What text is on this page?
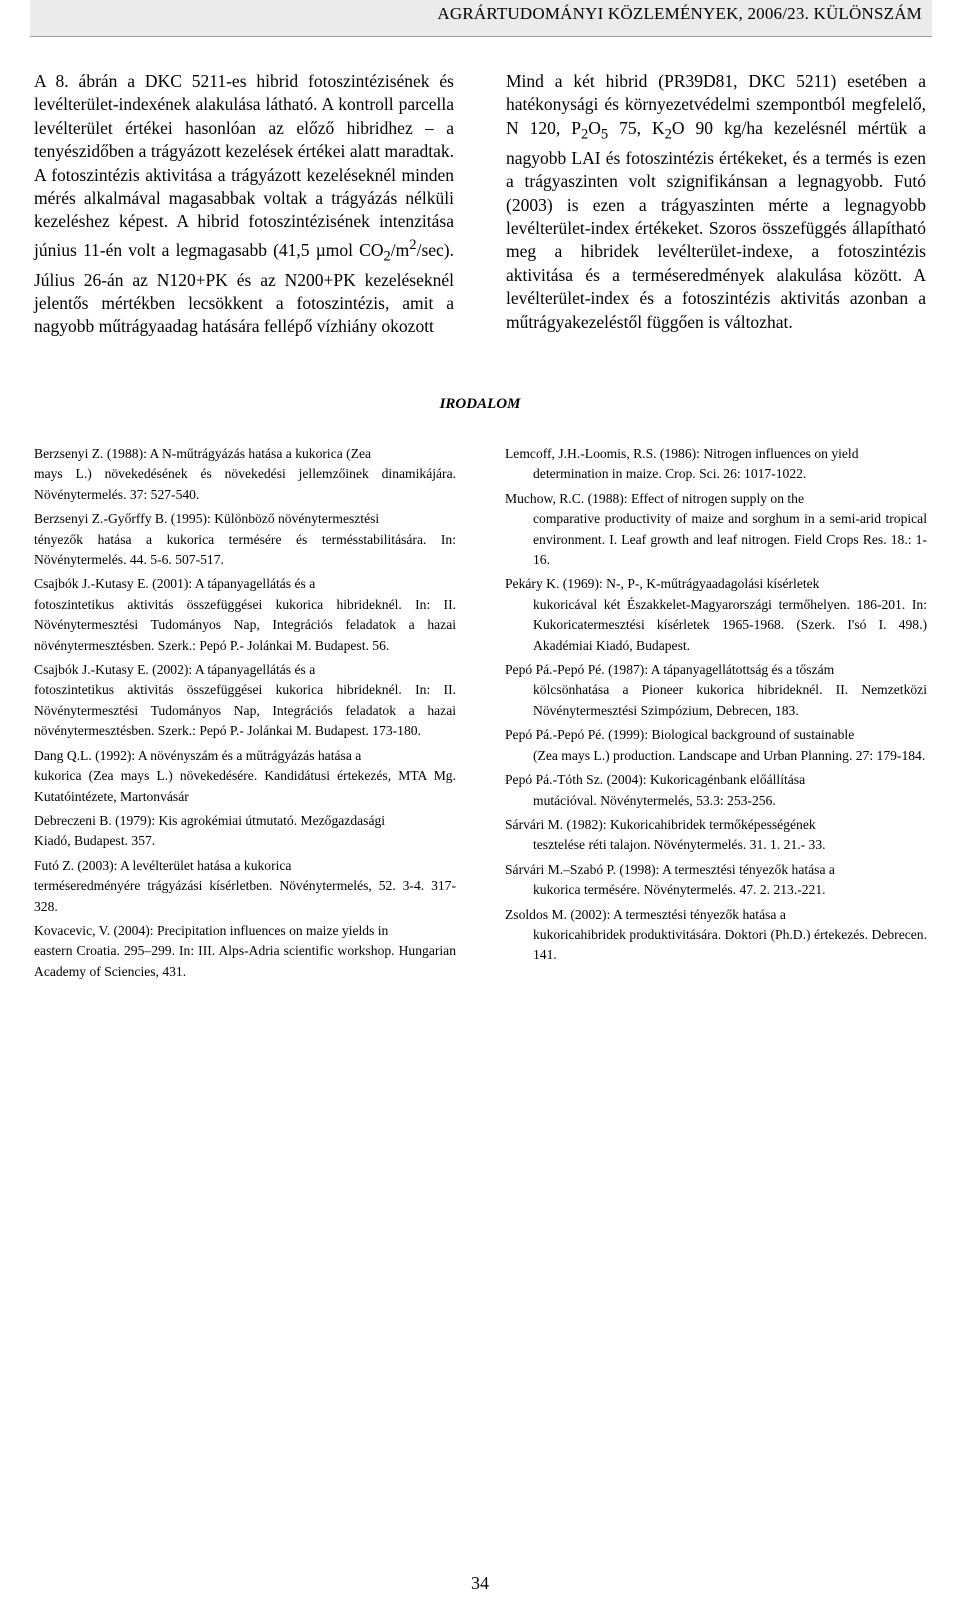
AGRÁRTUDOMÁNYI KÖZLEMÉNYEK, 2006/23. KÜLÖNSZÁM

A 8. ábrán a DKC 5211-es hibrid fotoszintézisének és levélterület-indexének alakulása látható. A kontroll parcella levélterület értékei hasonlóan az előző hibridhez – a tenyészidőben a trágyázott kezelések értékei alatt maradtak. A fotoszintézis aktivitása a trágyázott kezeléseknél minden mérés alkalmával magasabbak voltak a trágyázás nélküli kezeléshez képest. A hibrid fotoszintézisének intenzitása június 11-én volt a legmagasabb (41,5 µmol $CO_2/m^2/\sec$). Július 26-án az N120+PK és az N200+PK kezeléseknél jelentős mértékben lecsökkent a fotoszintézis, amit a nagyobb műtrágyaadag hatására fellépő vízhiány okozott

Mind a két hibrid (PR39D81, DKC 5211) esetében a hatékonysági és környezetvédelmi szempontból megfelelő, N 120, $P_2O_5$ 75, $K_2O$ 90 kg/ha kezelésnél mértük a nagyobb LAI és fotoszintézis értékeket, és a termés is ezen a trágyaszinten volt szignifikánsan a legnagyobb. Futó (2003) is ezen a trágyaszinten mérte a legnagyobb levélterület-index értékeket. Szoros összefüggés állapítható meg a hibridek levélterület-indexe, a fotoszintézis aktivitása és a terméseredmények alakulása között. A levélterület-index és a fotoszintézis aktivitás azonban a műtrágyakezeléstől függően is változhat.

IRODALOM
Berzsenyi Z. (1988): A N-műtrágyázás hatása a kukorica (Zea
mays L.) növekedésének és növekedési jellemzőinek dinamikájára. Növénytermelés. 37: 527-540.
Berzsenyi Z.-Győrffy B. (1995): Különböző növénytermesztési
tényezők hatása a kukorica termésére és termésstabilitására. In: Növénytermelés. 44. 5-6. 507-517.
Csajbók J.-Kutasy E. (2001): A tápanyagellátás és a
fotoszintetikus aktivitás összefüggései kukorica hibrideknél. In: II. Növénytermesztési Tudományos Nap, Integrációs feladatok a hazai növénytermesztésben. Szerk.: Pepó P.- Jolánkai M. Budapest. 56.
Csajbók J.-Kutasy E. (2002): A tápanyagellátás és a
fotoszintetikus aktivitás összefüggései kukorica hibrideknél. In: II. Növénytermesztési Tudományos Nap, Integrációs feladatok a hazai növénytermesztésben. Szerk.: Pepó P.- Jolánkai M. Budapest. 173-180.
Dang Q.L. (1992): A növényszám és a műtrágyázás hatása a
kukorica (Zea mays L.) növekedésére. Kandidátusi értekezés, MTA Mg. Kutatóintézete, Martonvásár
Debreczeni B. (1979): Kis agrokémiai útmutató. Mezőgazdasági
Kiadó, Budapest. 357.
Futó Z. (2003): A levélterület hatása a kukorica
terméseredményére trágyázási kísérletben. Növénytermelés, 52. 3-4. 317-328.
Kovacevic, V. (2004): Precipitation influences on maize yields in
eastern Croatia. 295–299. In: III. Alps-Adria scientific workshop. Hungarian Academy of Sciencies, 431.
Lemcoff, J.H.-Loomis, R.S. (1986): Nitrogen influences on yield
determination in maize. Crop. Sci. 26: 1017-1022.
Muchow, R.C. (1988): Effect of nitrogen supply on the
comparative productivity of maize and sorghum in a semi-arid tropical environment. I. Leaf growth and leaf nitrogen. Field Crops Res. 18.: 1-16.
Pekáry K. (1969): N-, P-, K-műtrágyaadagolási kísérletek
kukoricával két Északkelet-Magyarországi termőhelyen. 186-201. In: Kukoricatermesztési kísérletek 1965-1968. (Szerk. I'só I. 498.) Akadémiai Kiadó, Budapest.
Pepó Pá.-Pepó Pé. (1987): A tápanyagellátottság és a tőszám
kölcsönhatása a Pioneer kukorica hibrideknél. II. Nemzetközi Növénytermesztési Szimpózium, Debrecen, 183.
Pepó Pá.-Pepó Pé. (1999): Biological background of sustainable
(Zea mays L.) production. Landscape and Urban Planning. 27: 179-184.
Pepó Pá.-Tóth Sz. (2004): Kukoricagénbank előállítása
mutációval. Növénytermelés, 53.3: 253-256.
Sárvári M. (1982): Kukoricahibridek termőképességének
tesztelése réti talajon. Növénytermelés. 31. 1. 21.- 33.
Sárvári M.–Szabó P. (1998): A termesztési tényezők hatása a
kukorica termésére. Növénytermelés. 47. 2. 213.-221.
Zsoldos M. (2002): A termesztési tényezők hatása a
kukoricahibridek produktivitására. Doktori (Ph.D.) értekezés. Debrecen. 141.
34
